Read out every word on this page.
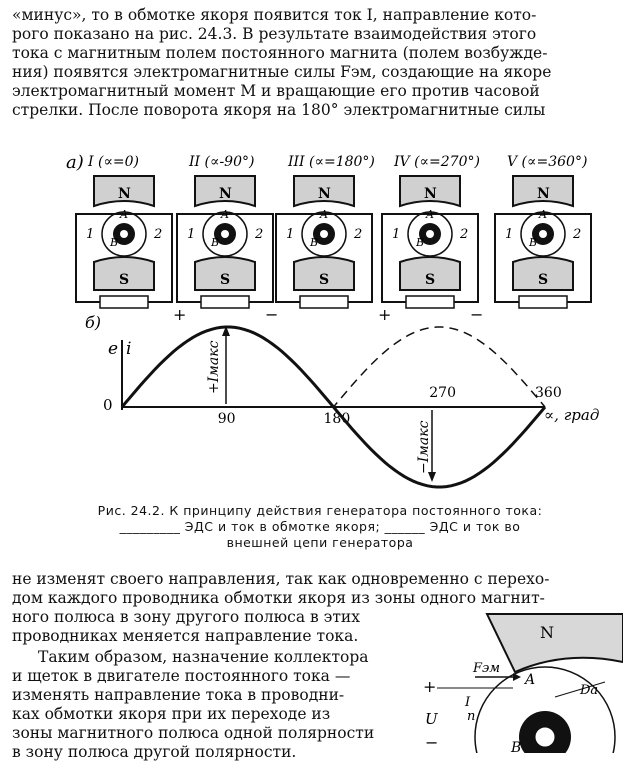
«минус», то в обмотке якоря появится ток I, направление кото-
рого показано на рис. 24.3. В результате взаимодействия этого
тока с магнитным полем постоянного магнита (полем возбужде-
ния) появятся электромагнитные силы Fэм, создающие на якоре
электромагнитный момент M и вращающие его против часовой
стрелки. После поворота якоря на 180° электромагнитные силы
а) I (∝=0)
N
S
A
B
1	2
II (∝-90°)
N
S
A
B
1	2
+	−
III (∝=180°)
N
S
A
B
1	2
IV (∝=270°)
N
S
A
B
1	2
+	−
V (∝=360°)
N
S
A
B
1	2
б)
e i
0
∝, град
90	180
270	360
+Iмакс
−Iмакс
Рис. 24.2. К принципу действия генератора постоянного тока:
_________ ЭДС и ток в обмотке якоря; ______ ЭДС и ток во
внешней цепи генератора
не изменят своего направления, так как одновременно с перехо-
дом каждого проводника обмотки якоря из зоны одного магнит-
ного полюса в зону другого полюса в этих
проводниках меняется направление тока.
Таким образом, назначение коллектора
и щеток в двигателе постоянного тока —
изменять направление тока в проводни-
ках обмотки якоря при их переходе из
зоны магнитного полюса одной полярности
в зону полюса другой полярности.
N
Dа
Fэм
A
B
+
I
n
U
−
